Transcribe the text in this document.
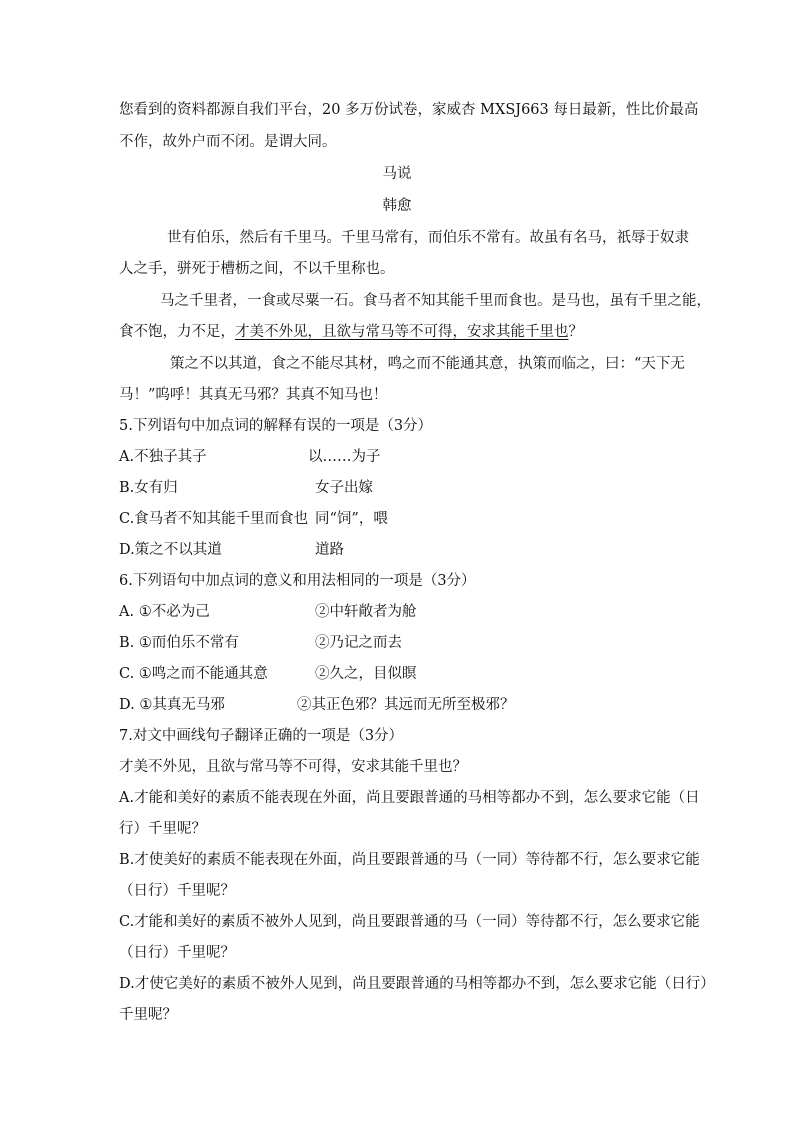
您看到的资料都源自我们平台，20 多万份试卷，家威杏 MXSJ663 每日最新，性比价最高
不作，故外户而不闭。是谓大同。
马说
韩愈
世有伯乐，然后有千里马。千里马常有，而伯乐不常有。故虽有名马，祇辱于奴隶
人之手，骈死于槽枥之间，不以千里称也。
马之千里者，一食或尽粟一石。食马者不知其能千里而食也。是马也，虽有千里之能，
食不饱，力不足，才美不外见，且欲与常马等不可得，安求其能千里也？
策之不以其道，食之不能尽其材，鸣之而不能通其意，执策而临之，曰：“天下无
马！”呜呼！其真无马邪？其真不知马也！
5.下列语句中加点词的解释有误的一项是（3分）
A.不独子其子	以……为子
B.女有归	女子出嫁
C.食马者不知其能千里而食也 同“饲”，喂
D.策之不以其道	道路
6.下列语句中加点词的意义和用法相同的一项是（3分）
A. ①不必为己	②中轩敞者为舱
B. ①而伯乐不常有	②乃记之而去
C. ①鸣之而不能通其意	②久之，目似瞑
D. ①其真无马邪	②其正色邪？其远而无所至极邪？
7.对文中画线句子翻译正确的一项是（3分）
才美不外见，且欲与常马等不可得，安求其能千里也？
A.才能和美好的素质不能表现在外面，尚且要跟普通的马相等都办不到，怎么要求它能（日
行）千里呢？
B.才使美好的素质不能表现在外面，尚且要跟普通的马（一同）等待都不行，怎么要求它能
（日行）千里呢？
C.才能和美好的素质不被外人见到，尚且要跟普通的马（一同）等待都不行，怎么要求它能
（日行）千里呢？
D.才使它美好的素质不被外人见到，尚且要跟普通的马相等都办不到，怎么要求它能（日行）
千里呢？
